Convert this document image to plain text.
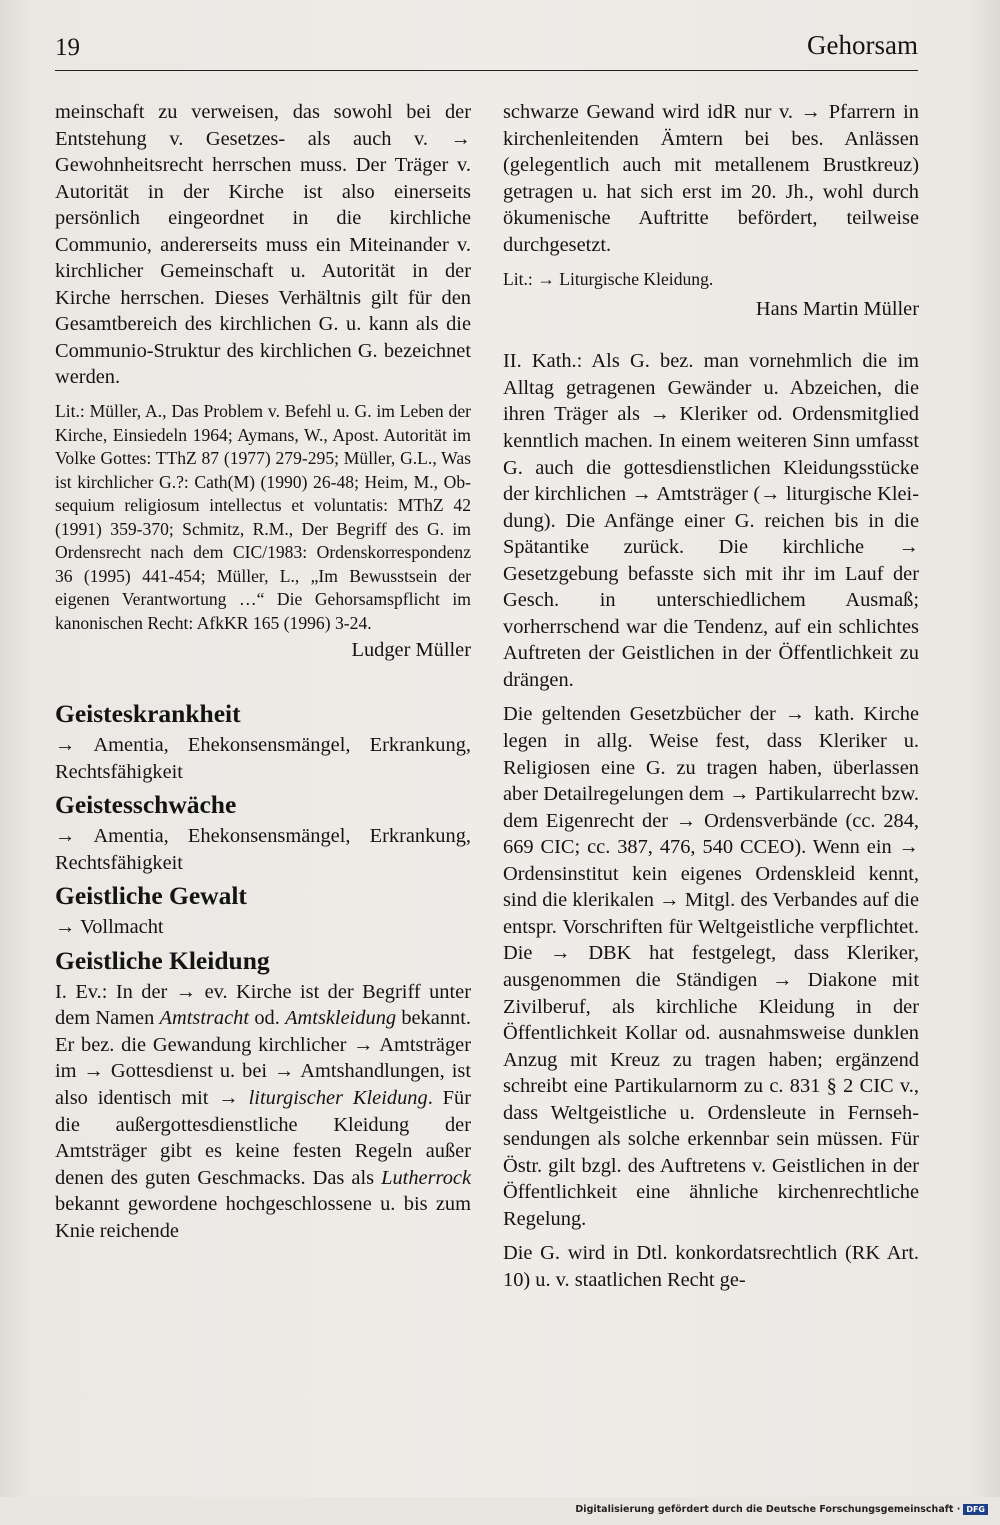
19	Gehorsam

meinschaft zu verweisen, das sowohl bei der Entstehung v. Gesetzes- als auch v. → Gewohnheitsrecht herrschen muss. Der Träger v. Autorität in der Kirche ist also einerseits persönlich eingeordnet in die kirchliche Communio, andererseits muss ein Miteinander v. kirchlicher Gemeinschaft u. Autorität in der Kirche herrschen. Dieses Verhältnis gilt für den Gesamtbereich des kirchlichen G. u. kann als die Communio-Struktur des kirchlichen G. bezeichnet werden.

Lit.: Müller, A., Das Problem v. Befehl u. G. im Leben der Kirche, Einsiedeln 1964; Aymans, W., Apost. Autorität im Volke Gottes: TThZ 87 (1977) 279-295; Müller, G.L., Was ist kirchlicher G.?: Cath(M) (1990) 26-48; Heim, M., Obsequium religiosum intellectus et voluntatis: MThZ 42 (1991) 359-370; Schmitz, R.M., Der Begriff des G. im Ordensrecht nach dem CIC/1983: Ordenskorrespondenz 36 (1995) 441-454; Müller, L., „Im Bewusstsein der eigenen Verantwortung …“ Die Gehorsamspflicht im kanonischen Recht: AfkKR 165 (1996) 3-24.

Ludger Müller

Geisteskrankheit

→ Amentia, Ehekonsensmängel, Erkrankung, Rechtsfähigkeit

Geistesschwäche

→ Amentia, Ehekonsensmängel, Erkrankung, Rechtsfähigkeit

Geistliche Gewalt

→ Vollmacht

Geistliche Kleidung

I. Ev.: In der → ev. Kirche ist der Begriff unter dem Namen Amtstracht od. Amtskleidung bekannt. Er bez. die Gewandung kirchlicher → Amtsträger im → Gottesdienst u. bei → Amtshandlungen, ist also identisch mit → liturgischer Kleidung. Für die außergottesdienstliche Kleidung der Amtsträger gibt es keine festen Regeln außer denen des guten Geschmacks. Das als Lutherrock bekannt gewordene hochgeschlossene u. bis zum Knie reichende

schwarze Gewand wird idR nur v. → Pfarrern in kirchenleitenden Ämtern bei bes. Anlässen (gelegentlich auch mit metallenem Brustkreuz) getragen u. hat sich erst im 20. Jh., wohl durch ökumenische Auftritte befördert, teilweise durchgesetzt.

Lit.: → Liturgische Kleidung.

Hans Martin Müller

II. Kath.: Als G. bez. man vornehmlich die im Alltag getragenen Gewänder u. Abzeichen, die ihren Träger als → Kleriker od. Ordensmitglied kenntlich machen. In einem weiteren Sinn umfasst G. auch die gottesdienstlichen Kleidungsstücke der kirchlichen → Amtsträger (→ liturgische Kleidung). Die Anfänge einer G. reichen bis in die Spätantike zurück. Die kirchliche → Gesetzgebung befasste sich mit ihr im Lauf der Gesch. in unterschiedlichem Ausmaß; vorherrschend war die Tendenz, auf ein schlichtes Auftreten der Geistlichen in der Öffentlichkeit zu drängen.

Die geltenden Gesetzbücher der → kath. Kirche legen in allg. Weise fest, dass Kleriker u. Religiosen eine G. zu tragen haben, überlassen aber Detailregelungen dem → Partikularrecht bzw. dem Eigenrecht der → Ordensverbände (cc. 284, 669 CIC; cc. 387, 476, 540 CCEO). Wenn ein → Ordensinstitut kein eigenes Ordenskleid kennt, sind die klerikalen → Mitgl. des Verbandes auf die entspr. Vorschriften für Weltgeistliche verpflichtet. Die → DBK hat festgelegt, dass Kleriker, ausgenommen die Ständigen → Diakone mit Zivilberuf, als kirchliche Kleidung in der Öffentlichkeit Kollar od. ausnahmsweise dunklen Anzug mit Kreuz zu tragen haben; ergänzend schreibt eine Partikularnorm zu c. 831 § 2 CIC v., dass Weltgeistliche u. Ordensleute in Fernsehsendungen als solche erkennbar sein müssen. Für Östr. gilt bzgl. des Auftretens v. Geistlichen in der Öffentlichkeit eine ähnliche kirchenrechtliche Regelung.

Die G. wird in Dtl. konkordatsrechtlich (RK Art. 10) u. v. staatlichen Recht ge-

Digitalisierung gefördert durch die Deutsche Forschungsgemeinschaft · DFG
